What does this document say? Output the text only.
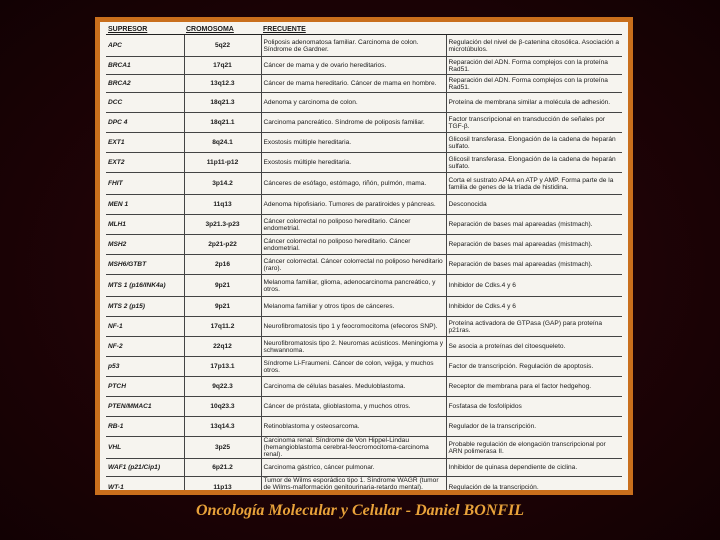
SUPRESOR	CROMOSOMA	FRECUENTE	
APC	5q22	Poliposis adenomatosa familiar. Carcinoma de colon. Síndrome de Gardner.	Regulación del nivel de β-catenina citosólica. Asociación a microtúbulos.
BRCA1	17q21	Cáncer de mama y de ovario hereditarios.	Reparación del ADN. Forma complejos con la proteína Rad51.
BRCA2	13q12.3	Cáncer de mama hereditario. Cáncer de mama en hombre.	Reparación del ADN. Forma complejos con la proteína Rad51.
DCC	18q21.3	Adenoma y carcinoma de colon.	Proteína de membrana similar a molécula de adhesión.
DPC 4	18q21.1	Carcinoma pancreático. Síndrome de poliposis familiar.	Factor transcripcional en transducción de señales por TGF-β.
EXT1	8q24.1	Exostosis múltiple hereditaria.	Glicosil transferasa. Elongación de la cadena de heparán sulfato.
EXT2	11p11-p12	Exostosis múltiple hereditaria.	Glicosil transferasa. Elongación de la cadena de heparán sulfato.
FHIT	3p14.2	Cánceres de esófago, estómago, riñón, pulmón, mama.	Corta el sustrato AP4A en ATP y AMP. Forma parte de la familia de genes de la tríada de histidina.
MEN 1	11q13	Adenoma hipofisiario. Tumores de paratiroides y páncreas.	Desconocida
MLH1	3p21.3-p23	Cáncer colorrectal no poliposo hereditario. Cáncer endometrial.	Reparación de bases mal apareadas (mistmach).
MSH2	2p21-p22	Cáncer colorrectal no poliposo hereditario. Cáncer endometrial.	Reparación de bases mal apareadas (mistmach).
MSH6/GTBT	2p16	Cáncer colorrectal. Cáncer colorrectal no poliposo hereditario (raro).	Reparación de bases mal apareadas (mistmach).
MTS 1 (p16/INK4a)	9p21	Melanoma familiar, glioma, adenocarcinoma pancreático, y otros.	Inhibidor de Cdks.4 y 6
MTS 2 (p15)	9p21	Melanoma familiar y otros tipos de cánceres.	Inhibidor de Cdks.4 y 6
NF-1	17q11.2	Neurofibromatosis tipo 1 y feocromocitoma (efecoros SNP).	Proteína activadora de GTPasa (GAP) para proteína p21ras.
NF-2	22q12	Neurofibromatosis tipo 2. Neuromas acústicos. Meningioma y schwannoma.	Se asocia a proteínas del citoesqueleto.
p53	17p13.1	Síndrome Li-Fraumeni. Cáncer de colon, vejiga, y muchos otros.	Factor de transcripción. Regulación de apoptosis.
PTCH	9q22.3	Carcinoma de células basales. Meduloblastoma.	Receptor de membrana para el factor hedgehog.
PTEN/MMAC1	10q23.3	Cáncer de próstata, glioblastoma, y muchos otros.	Fosfatasa de fosfolípidos
RB-1	13q14.3	Retinoblastoma y osteosarcoma.	Regulador de la transcripción.
VHL	3p25	Carcinoma renal. Síndrome de Von Hippel-Lindau (hemangioblastoma cerebral-feocromocitoma-carcinoma renal).	Probable regulación de elongación transcripcional por ARN polimerasa II.
WAF1 (p21/Cip1)	6p21.2	Carcinoma gástrico, cáncer pulmonar.	Inhibidor de quinasa dependiente de ciclina.
WT-1	11p13	Tumor de Wilms esporádico tipo 1. Síndrome WAGR (tumor de Wilms-malformación genitourinaria-retardo mental).	Regulación de la transcripción.

Oncología Molecular y Celular - Daniel BONFIL
